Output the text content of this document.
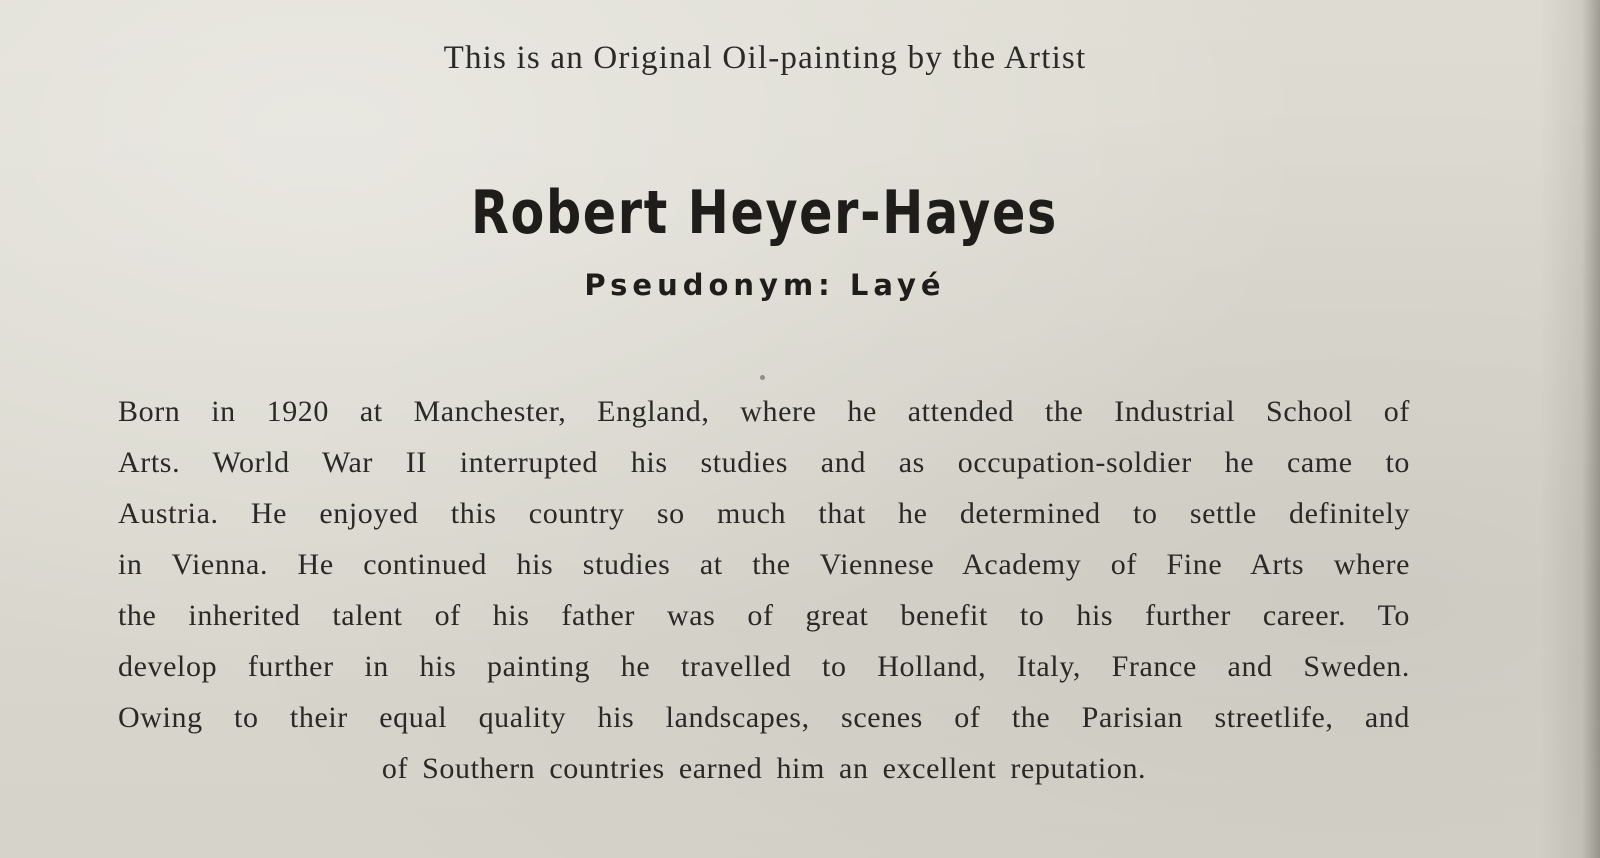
This is an Original Oil-painting by the Artist
Robert Heyer-Hayes
Pseudonym: Layé
Born in 1920 at Manchester, England, where he attended the Industrial School of
Arts. World War II interrupted his studies and as occupation-soldier he came to
Austria. He enjoyed this country so much that he determined to settle definitely
in Vienna. He continued his studies at the Viennese Academy of Fine Arts where
the inherited talent of his father was of great benefit to his further career. To
develop further in his painting he travelled to Holland, Italy, France and Sweden.
Owing to their equal quality his landscapes, scenes of the Parisian streetlife, and
of Southern countries earned him an excellent reputation.
